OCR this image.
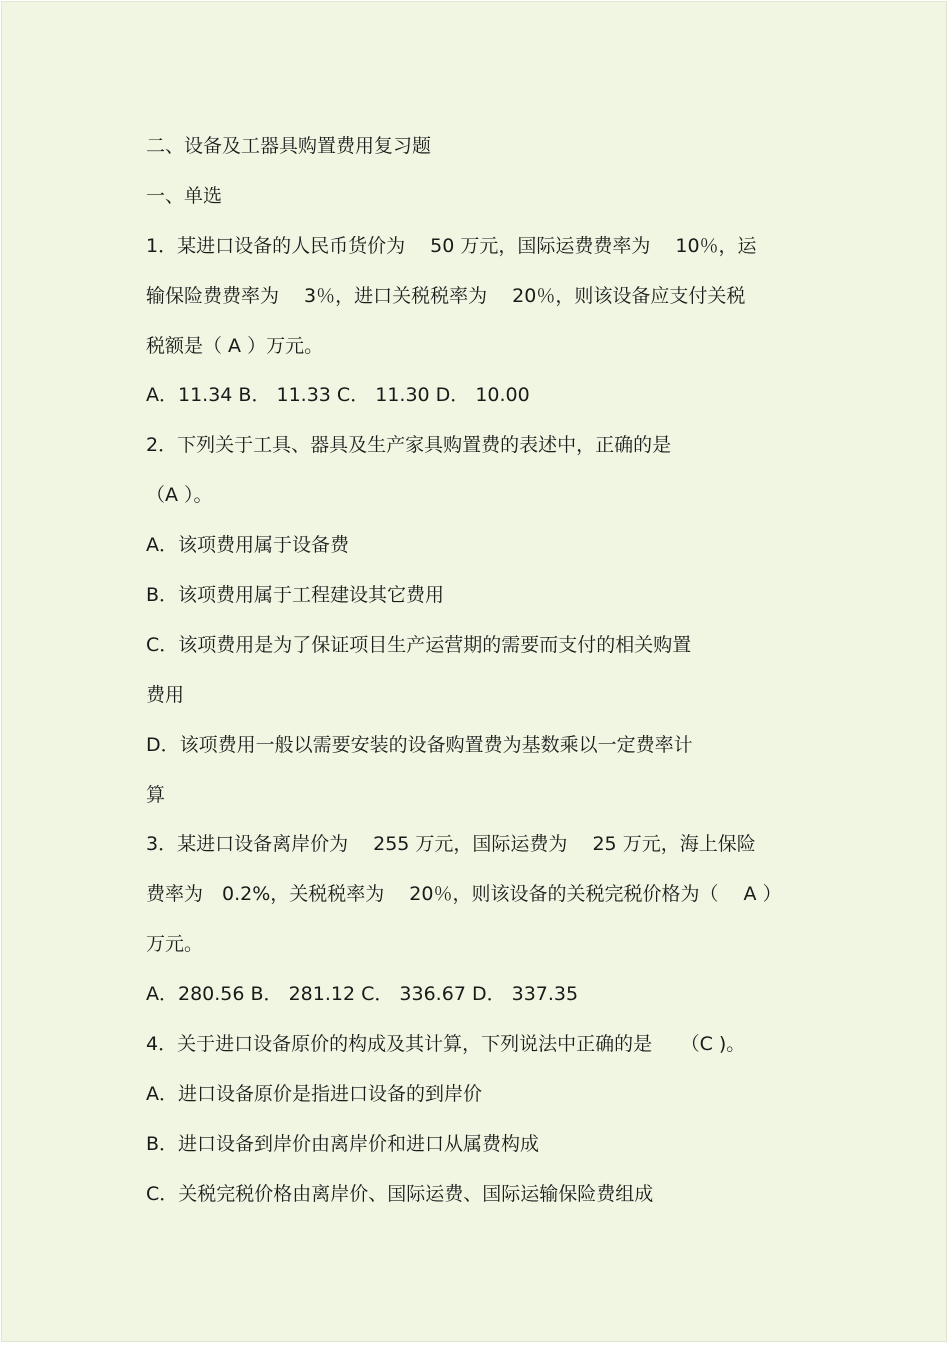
二、设备及工器具购置费用复习题
一、单选
1．某进口设备的人民币货价为　 50 万元，国际运费费率为　 10％，运
输保险费费率为　 3％，进口关税税率为　 20％，则该设备应支付关税
税额是（ A ）万元。
A．11.34 B． 11.33 C． 11.30 D． 10.00
2．下列关于工具、器具及生产家具购置费的表述中，正确的是
（A ）。
A．该项费用属于设备费
B．该项费用属于工程建设其它费用
C．该项费用是为了保证项目生产运营期的需要而支付的相关购置
费用
D．该项费用一般以需要安装的设备购置费为基数乘以一定费率计
算
3．某进口设备离岸价为　 255 万元，国际运费为　 25 万元，海上保险
费率为　0.2%，关税税率为　 20％，则该设备的关税完税价格为（　 A ）
万元。
A．280.56 B． 281.12 C． 336.67 D． 337.35
4．关于进口设备原价的构成及其计算，下列说法中正确的是　　（C )。
A．进口设备原价是指进口设备的到岸价
B．进口设备到岸价由离岸价和进口从属费构成
C．关税完税价格由离岸价、国际运费、国际运输保险费组成
